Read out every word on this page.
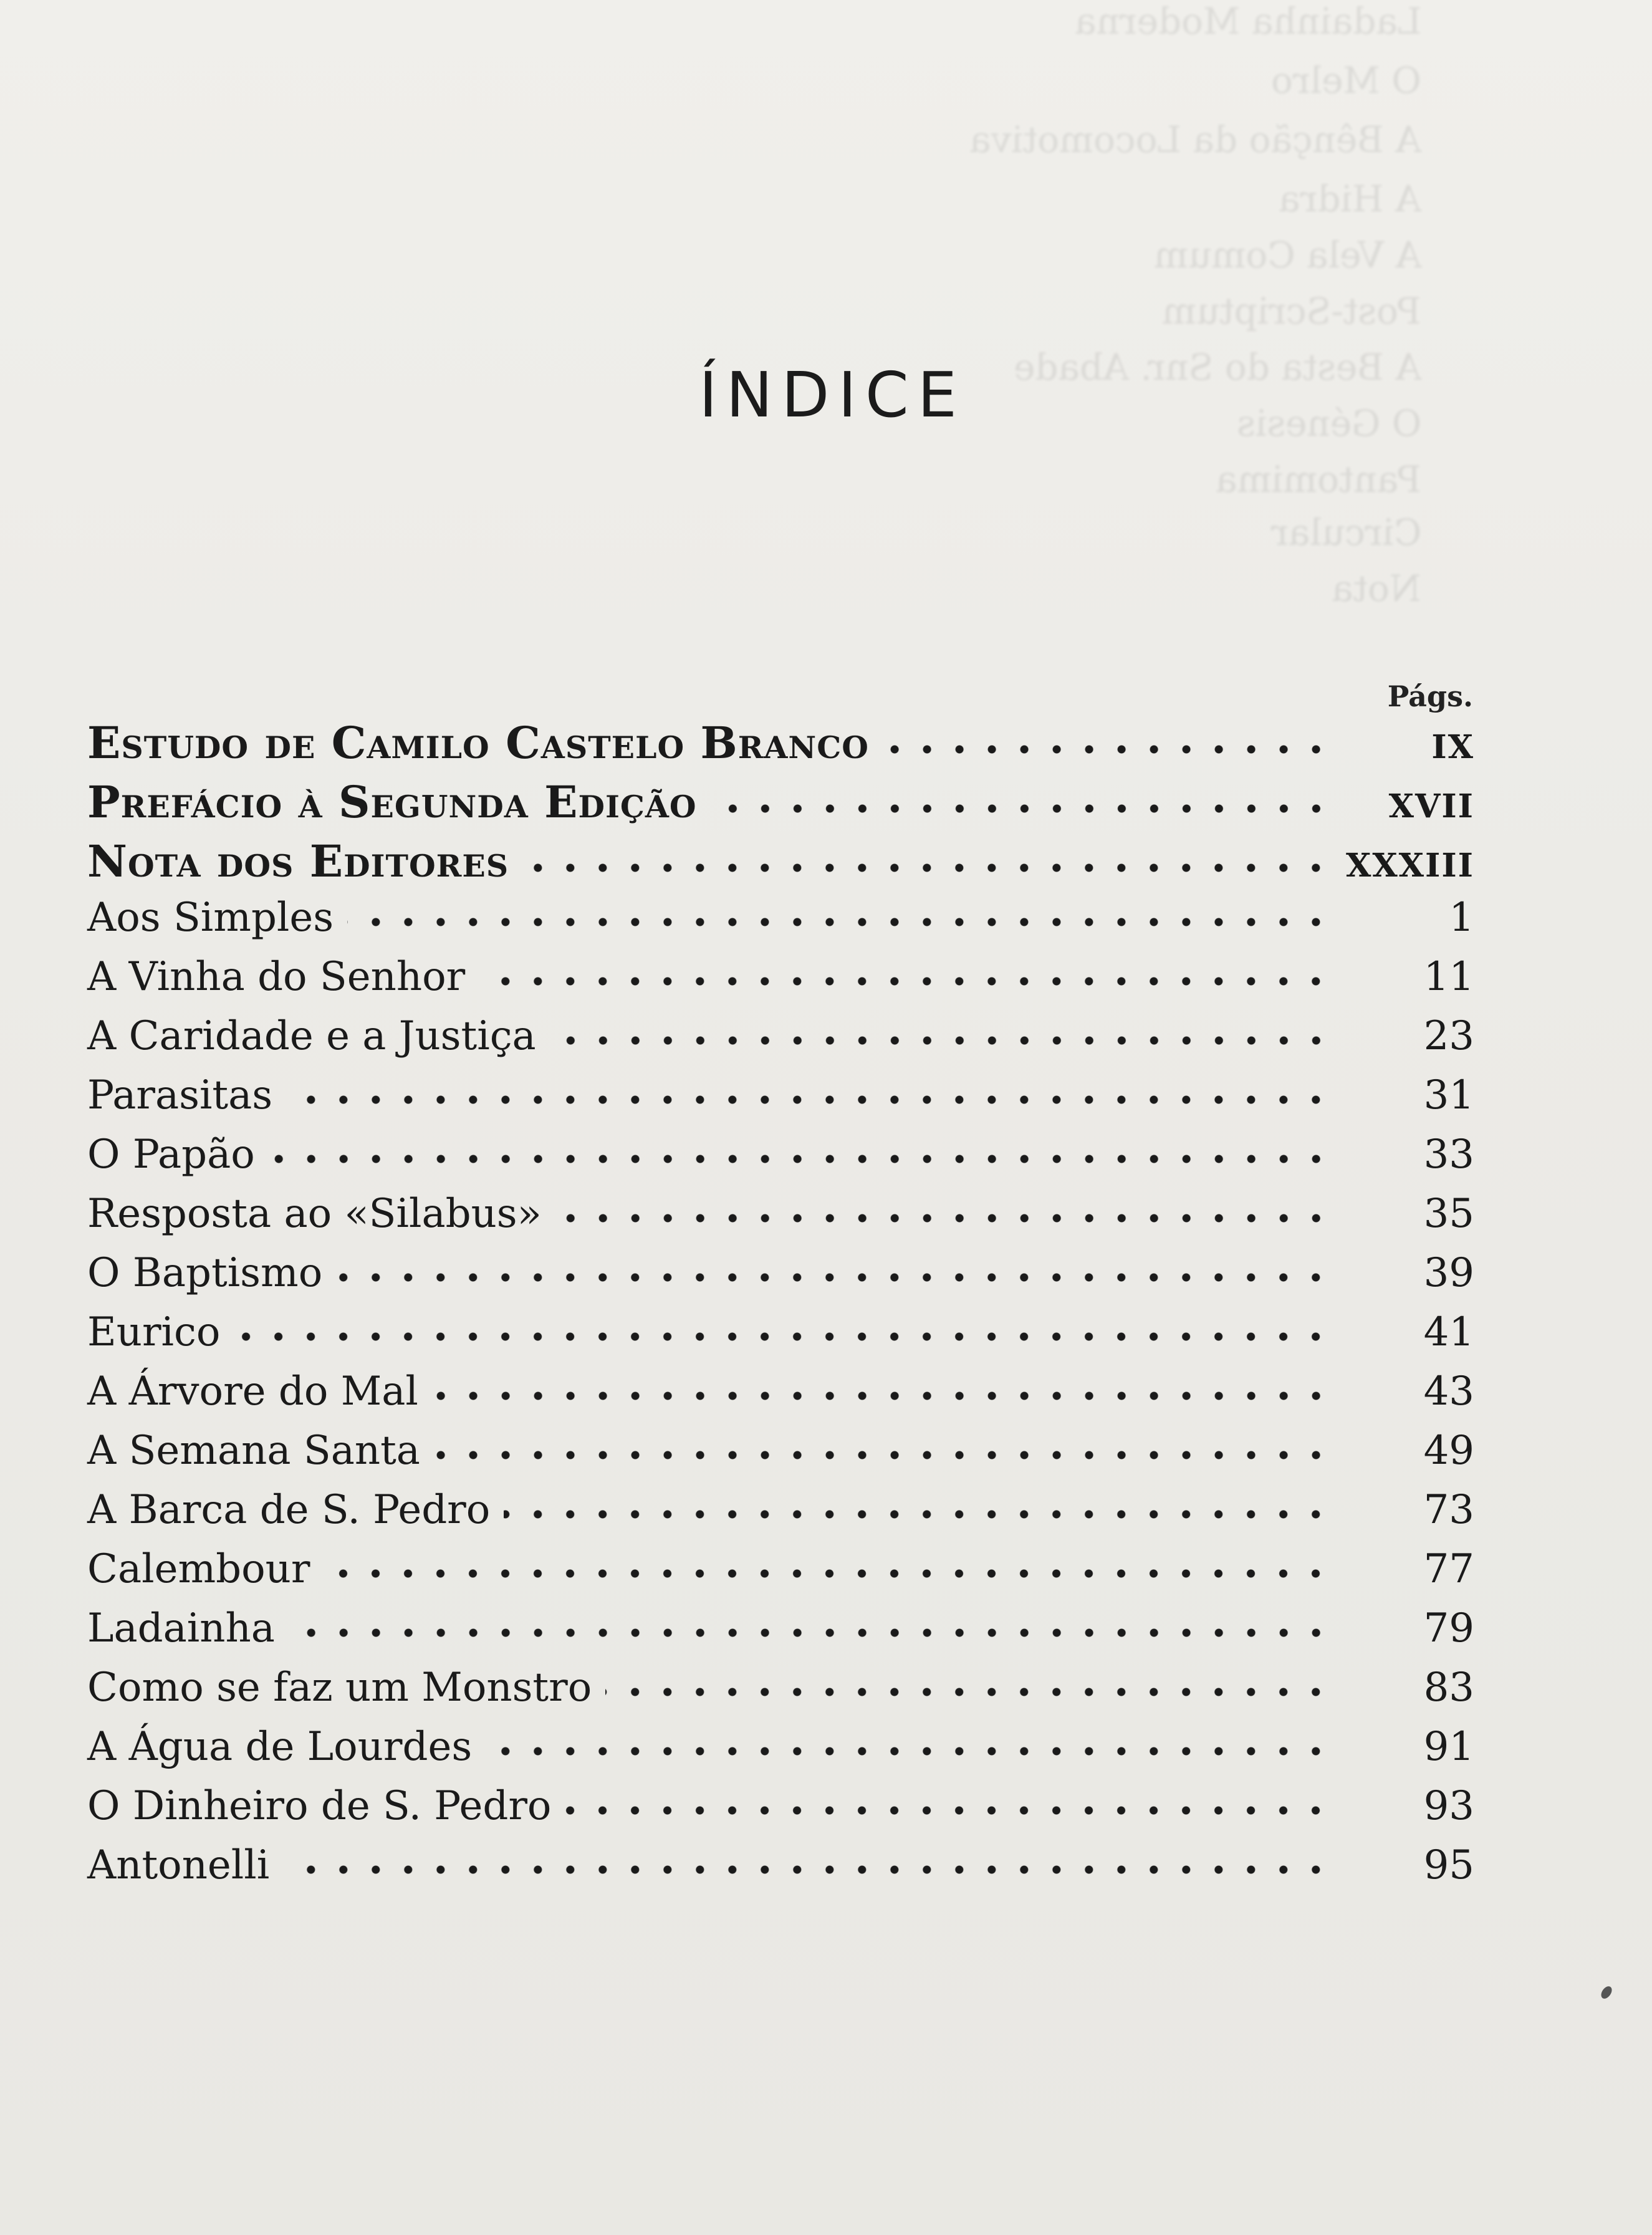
Ladainha Moderna
O Melro
A Bênção da Locomotiva
A Hidra
A Vela Comum
Post-Scriptum
A Besta do Snr. Abade
O Génesis
Pantomima
Circular
Nota
ÍNDICE
Págs.
Estudo de Camilo Castelo Branco	IX
Prefácio à Segunda Edição	XVII
Nota dos Editores	XXXIII
Aos Simples	1
A Vinha do Senhor	11
A Caridade e a Justiça	23
Parasitas	31
O Papão	33
Resposta ao «Silabus»	35
O Baptismo	39
Eurico	41
A Árvore do Mal	43
A Semana Santa	49
A Barca de S. Pedro	73
Calembour	77
Ladainha	79
Como se faz um Monstro	83
A Água de Lourdes	91
O Dinheiro de S. Pedro	93
Antonelli	95
